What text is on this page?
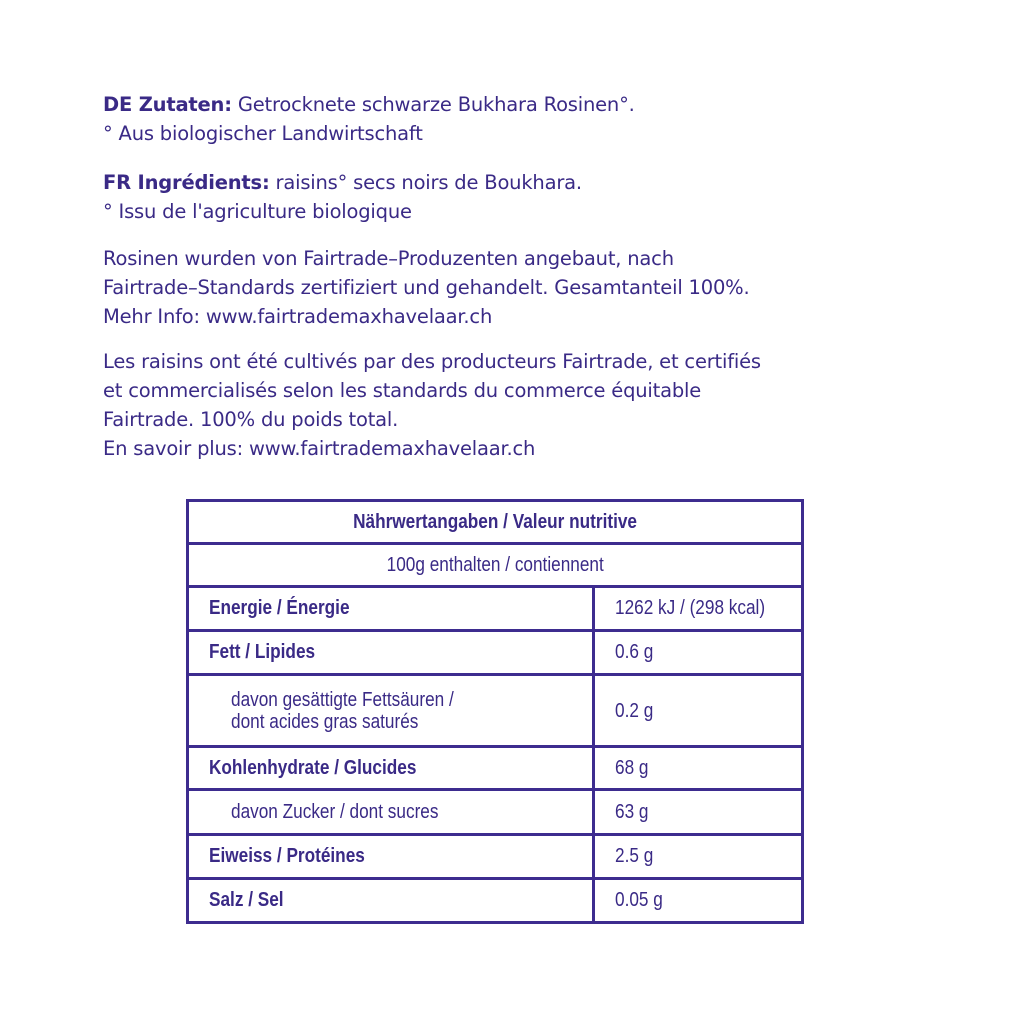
DE Zutaten: Getrocknete schwarze Bukhara Rosinen°.
° Aus biologischer Landwirtschaft
FR Ingrédients: raisins° secs noirs de Boukhara.
° Issu de l'agriculture biologique
Rosinen wurden von Fairtrade–Produzenten angebaut, nach
Fairtrade–Standards zertifiziert und gehandelt. Gesamtanteil 100%.
Mehr Info: www.fairtrademaxhavelaar.ch
Les raisins ont été cultivés par des producteurs Fairtrade, et certifiés
et commercialisés selon les standards du commerce équitable
Fairtrade. 100% du poids total.
En savoir plus: www.fairtrademaxhavelaar.ch
Nährwertangaben / Valeur nutritive	
100g enthalten / contiennent	
Energie / Énergie	1262 kJ / (298 kcal)
Fett / Lipides	0.6 g
davon gesättigte Fettsäuren /
dont acides gras saturés	0.2 g
Kohlenhydrate / Glucides	68 g
davon Zucker / dont sucres	63 g
Eiweiss / Protéines	2.5 g
Salz / Sel	0.05 g
